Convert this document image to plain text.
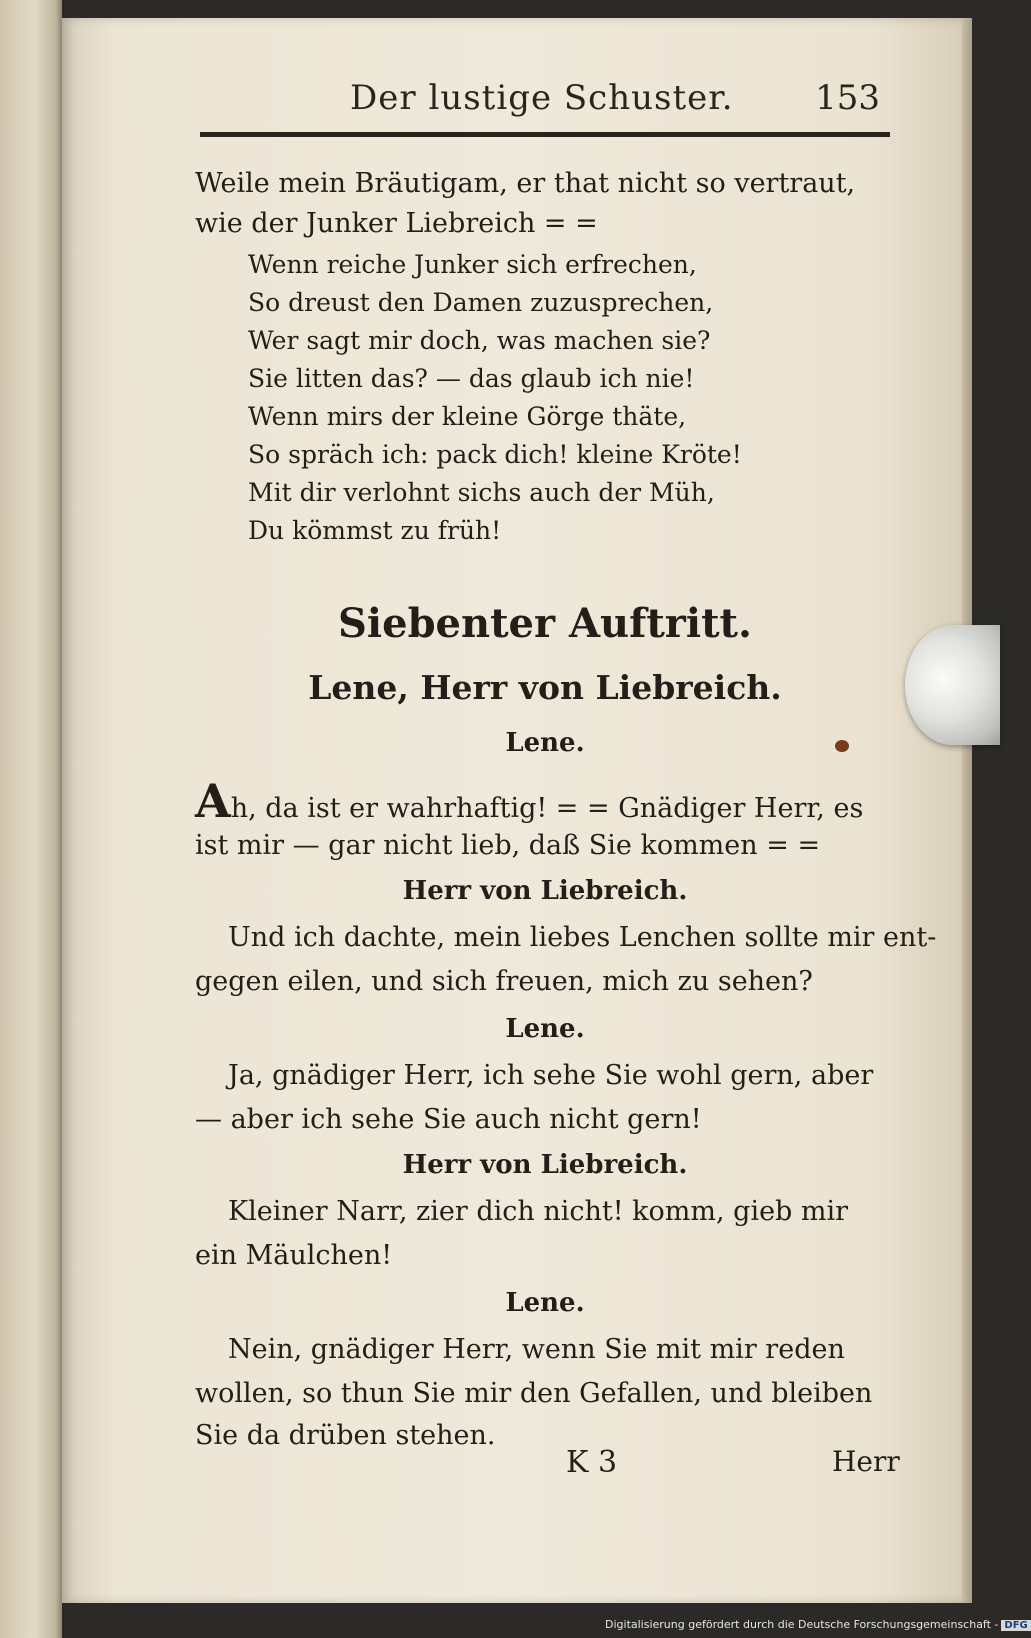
Der lustige Schuster. 153
Weile mein Bräutigam, er that nicht so vertraut,
wie der Junker Liebreich = =
Wenn reiche Junker sich erfrechen,
So dreust den Damen zuzusprechen,
Wer sagt mir doch, was machen sie?
Sie litten das? — das glaub ich nie!
Wenn mirs der kleine Görge thäte,
So spräch ich: pack dich! kleine Kröte!
Mit dir verlohnt sichs auch der Müh,
Du kömmst zu früh!
Siebenter Auftritt.
Lene, Herr von Liebreich.
Lene.
Ah, da ist er wahrhaftig! = = Gnädiger Herr, es
ist mir — gar nicht lieb, daß Sie kommen = =
Herr von Liebreich.
Und ich dachte, mein liebes Lenchen sollte mir ent-
gegen eilen, und sich freuen, mich zu sehen?
Lene.
Ja, gnädiger Herr, ich sehe Sie wohl gern, aber
— aber ich sehe Sie auch nicht gern!
Herr von Liebreich.
Kleiner Narr, zier dich nicht! komm, gieb mir
ein Mäulchen!
Lene.
Nein, gnädiger Herr, wenn Sie mit mir reden
wollen, so thun Sie mir den Gefallen, und bleiben
Sie da drüben stehen.
K 3	Herr
Digitalisierung gefördert durch die Deutsche Forschungsgemeinschaft - DFG
